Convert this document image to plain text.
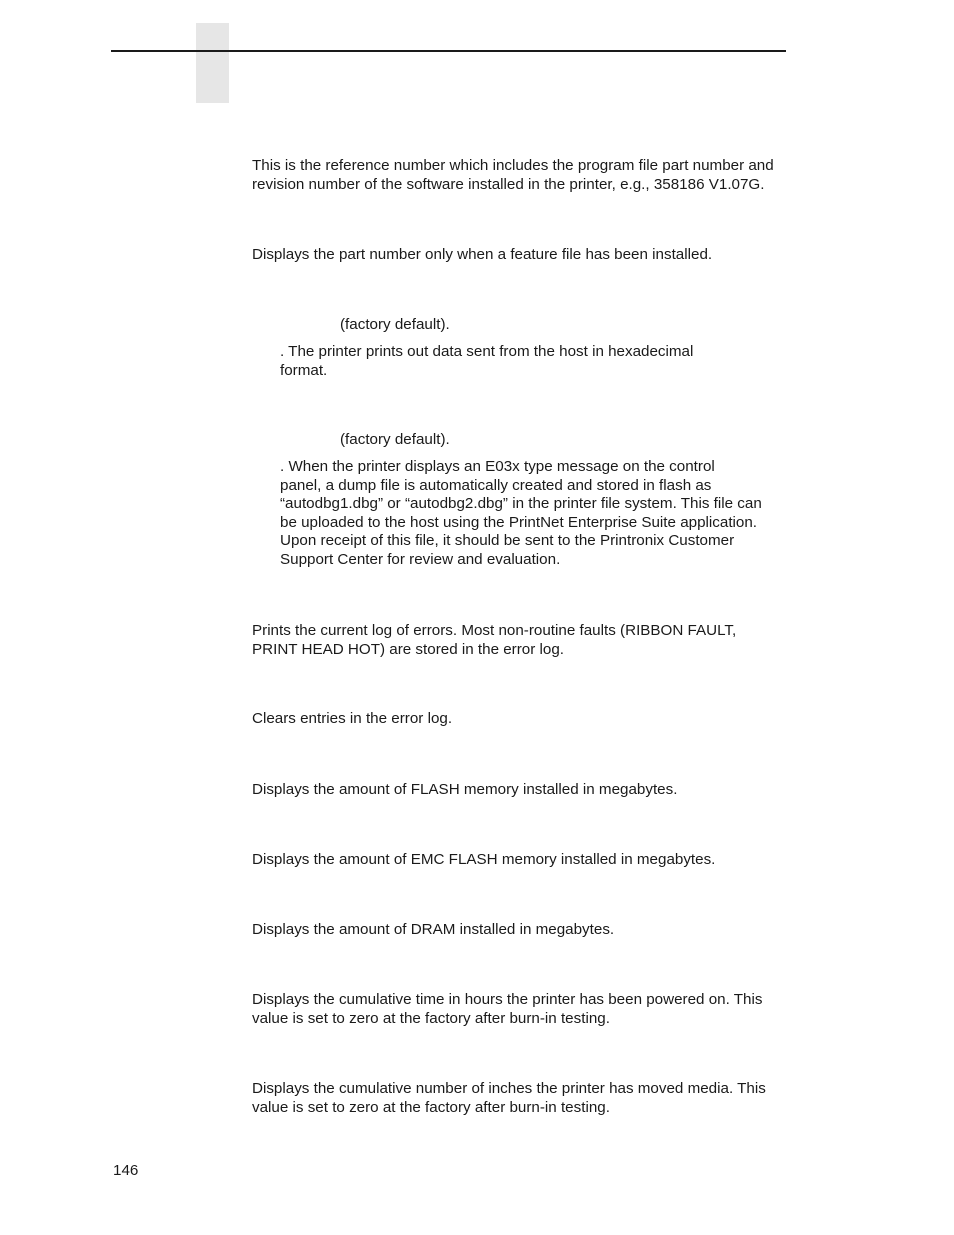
This is the reference number which includes the program file part number and
revision number of the software installed in the printer, e.g., 358186 V1.07G.

Displays the part number only when a feature file has been installed.

(factory default).

. The printer prints out data sent from the host in hexadecimal
format.

(factory default).

. When the printer displays an E03x type message on the control
panel, a dump file is automatically created and stored in flash as
“autodbg1.dbg” or “autodbg2.dbg” in the printer file system. This file can
be uploaded to the host using the PrintNet Enterprise Suite application.
Upon receipt of this file, it should be sent to the Printronix Customer
Support Center for review and evaluation.

Prints the current log of errors. Most non-routine faults (RIBBON FAULT,
PRINT HEAD HOT) are stored in the error log.

Clears entries in the error log.

Displays the amount of FLASH memory installed in megabytes.

Displays the amount of EMC FLASH memory installed in megabytes.

Displays the amount of DRAM installed in megabytes.

Displays the cumulative time in hours the printer has been powered on. This
value is set to zero at the factory after burn-in testing.

Displays the cumulative number of inches the printer has moved media. This
value is set to zero at the factory after burn-in testing.

146
